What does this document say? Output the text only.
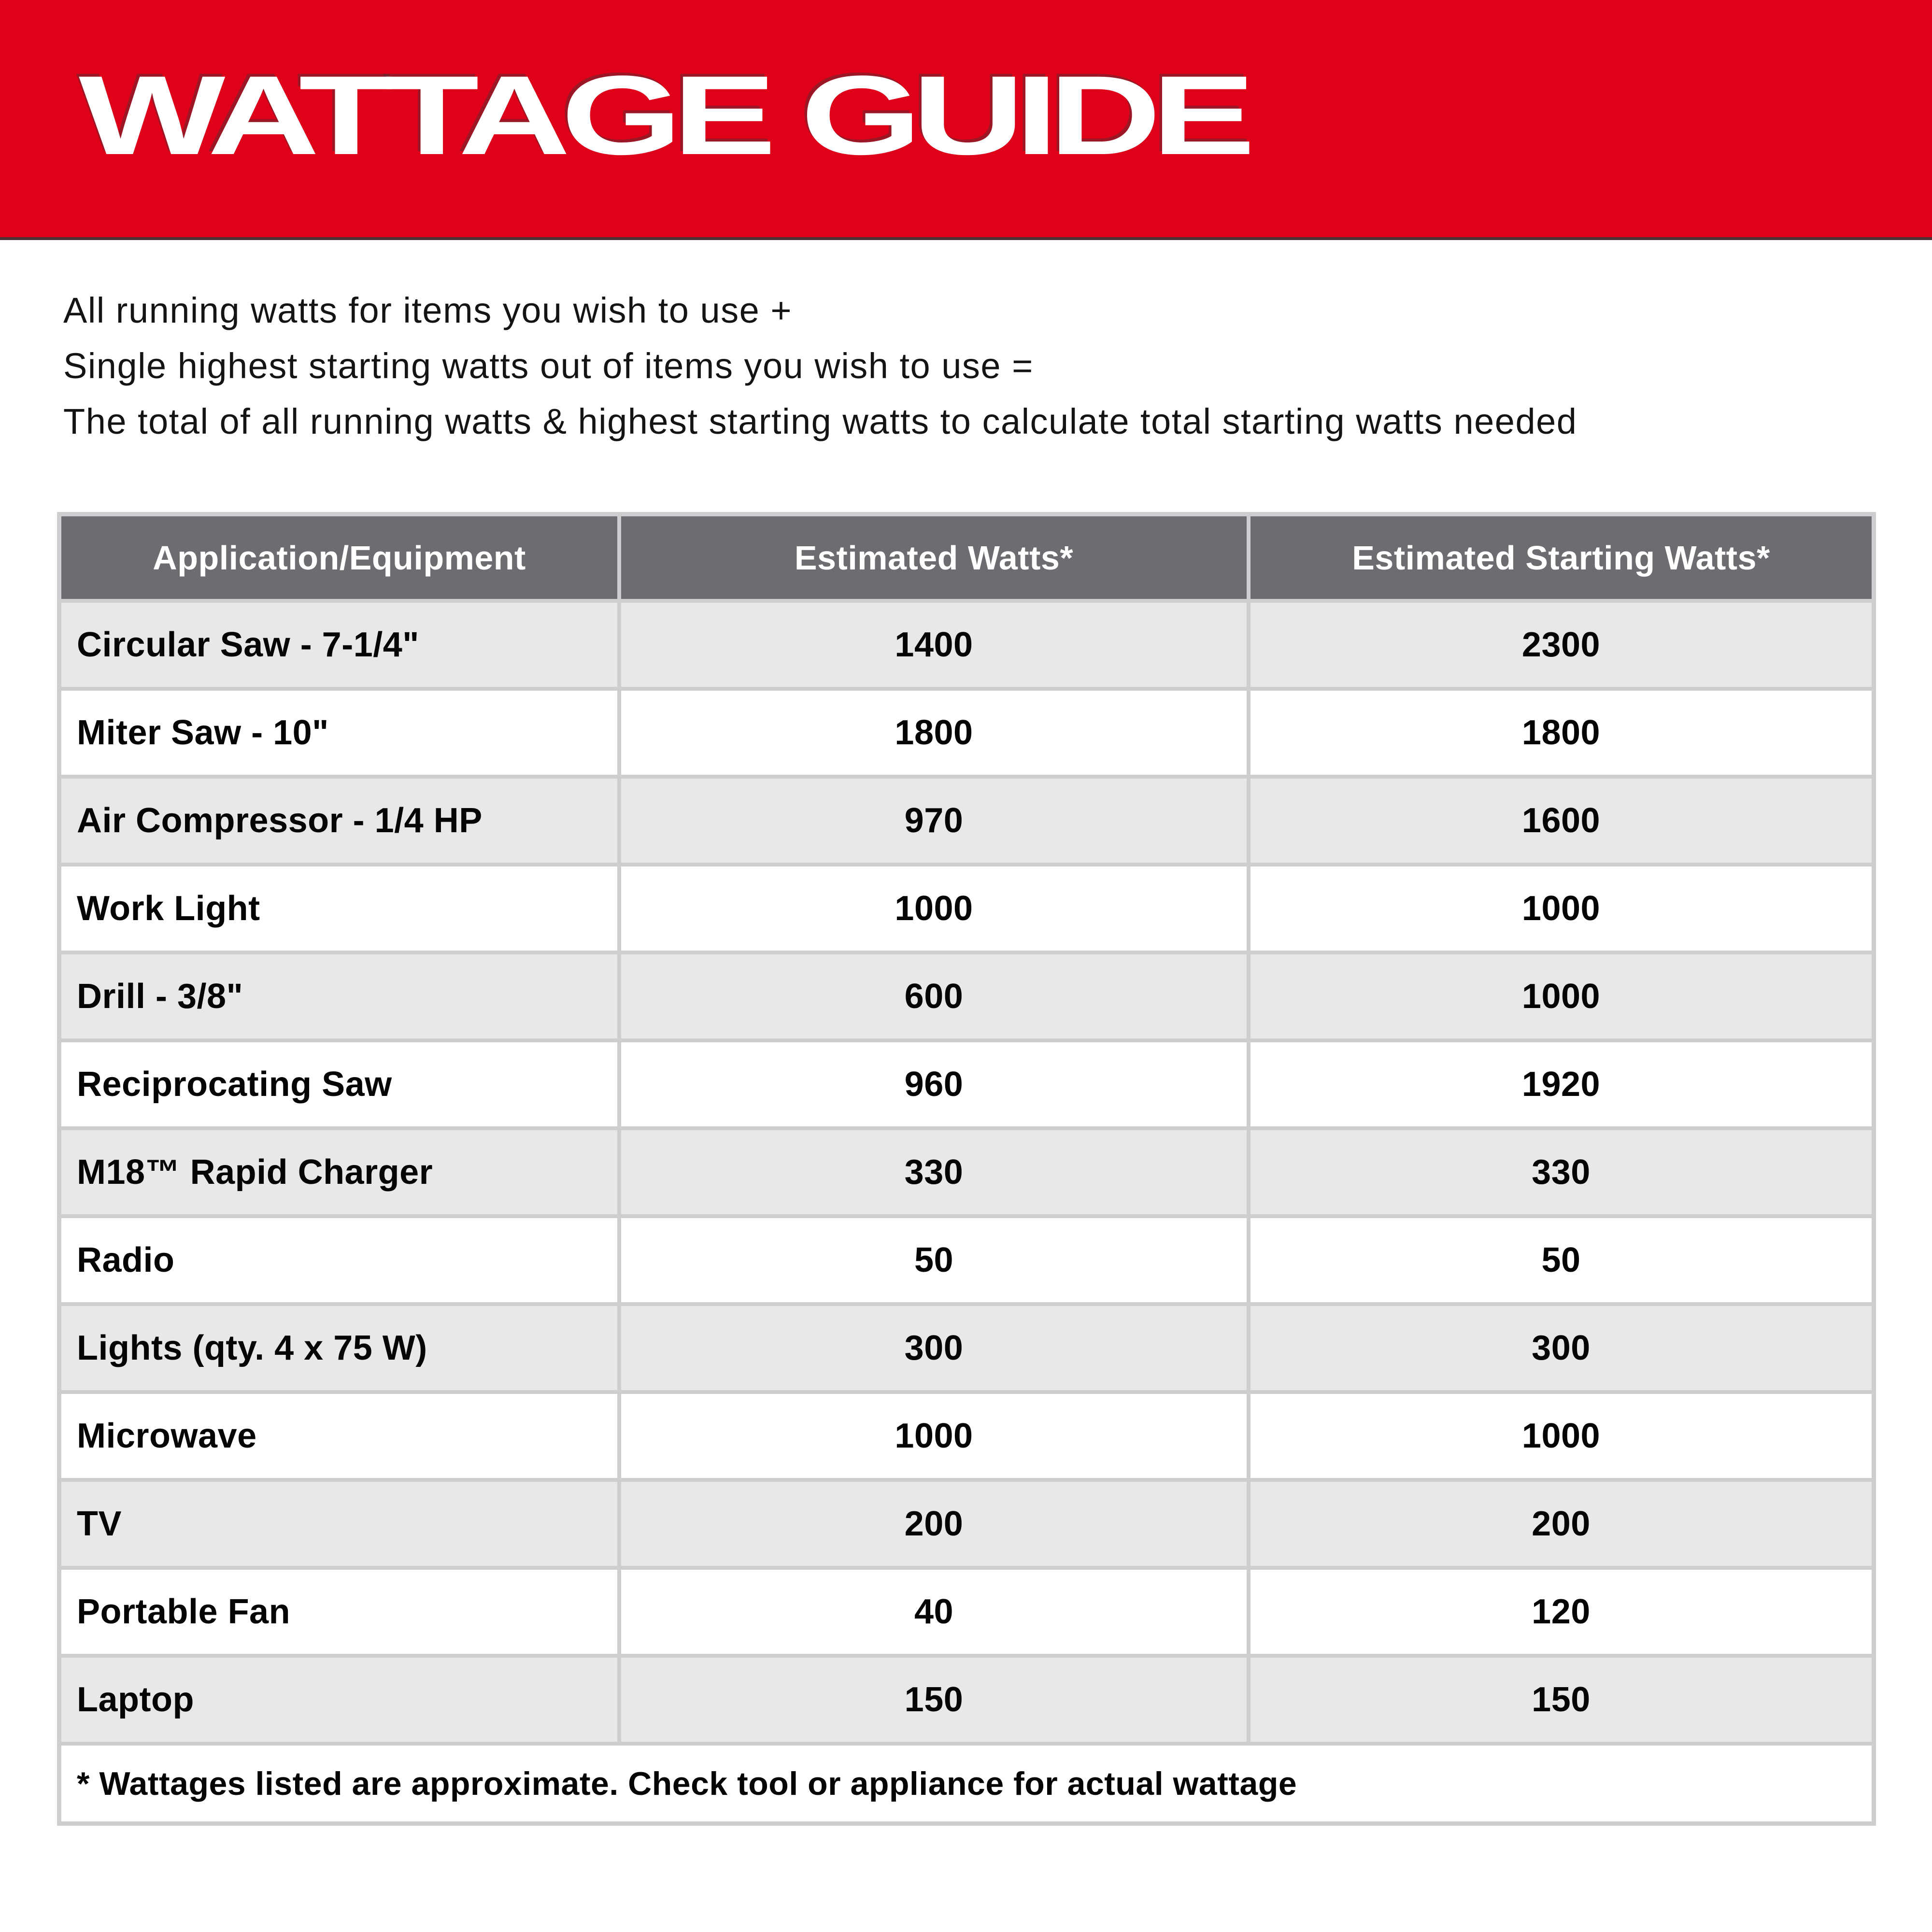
WATTAGE GUIDE

All running watts for items you wish to use +

Single highest starting watts out of items you wish to use =

The total of all running watts & highest starting watts to calculate total starting watts needed

Application/Equipment	Estimated Watts*	Estimated Starting Watts*
Circular Saw - 7-1/4"	1400	2300
Miter Saw - 10"	1800	1800
Air Compressor - 1/4 HP	970	1600
Work Light	1000	1000
Drill - 3/8"	600	1000
Reciprocating Saw	960	1920
M18™ Rapid Charger	330	330
Radio	50	50
Lights (qty. 4 x 75 W)	300	300
Microwave	1000	1000
TV	200	200
Portable Fan	40	120
Laptop	150	150
* Wattages listed are approximate. Check tool or appliance for actual wattage
